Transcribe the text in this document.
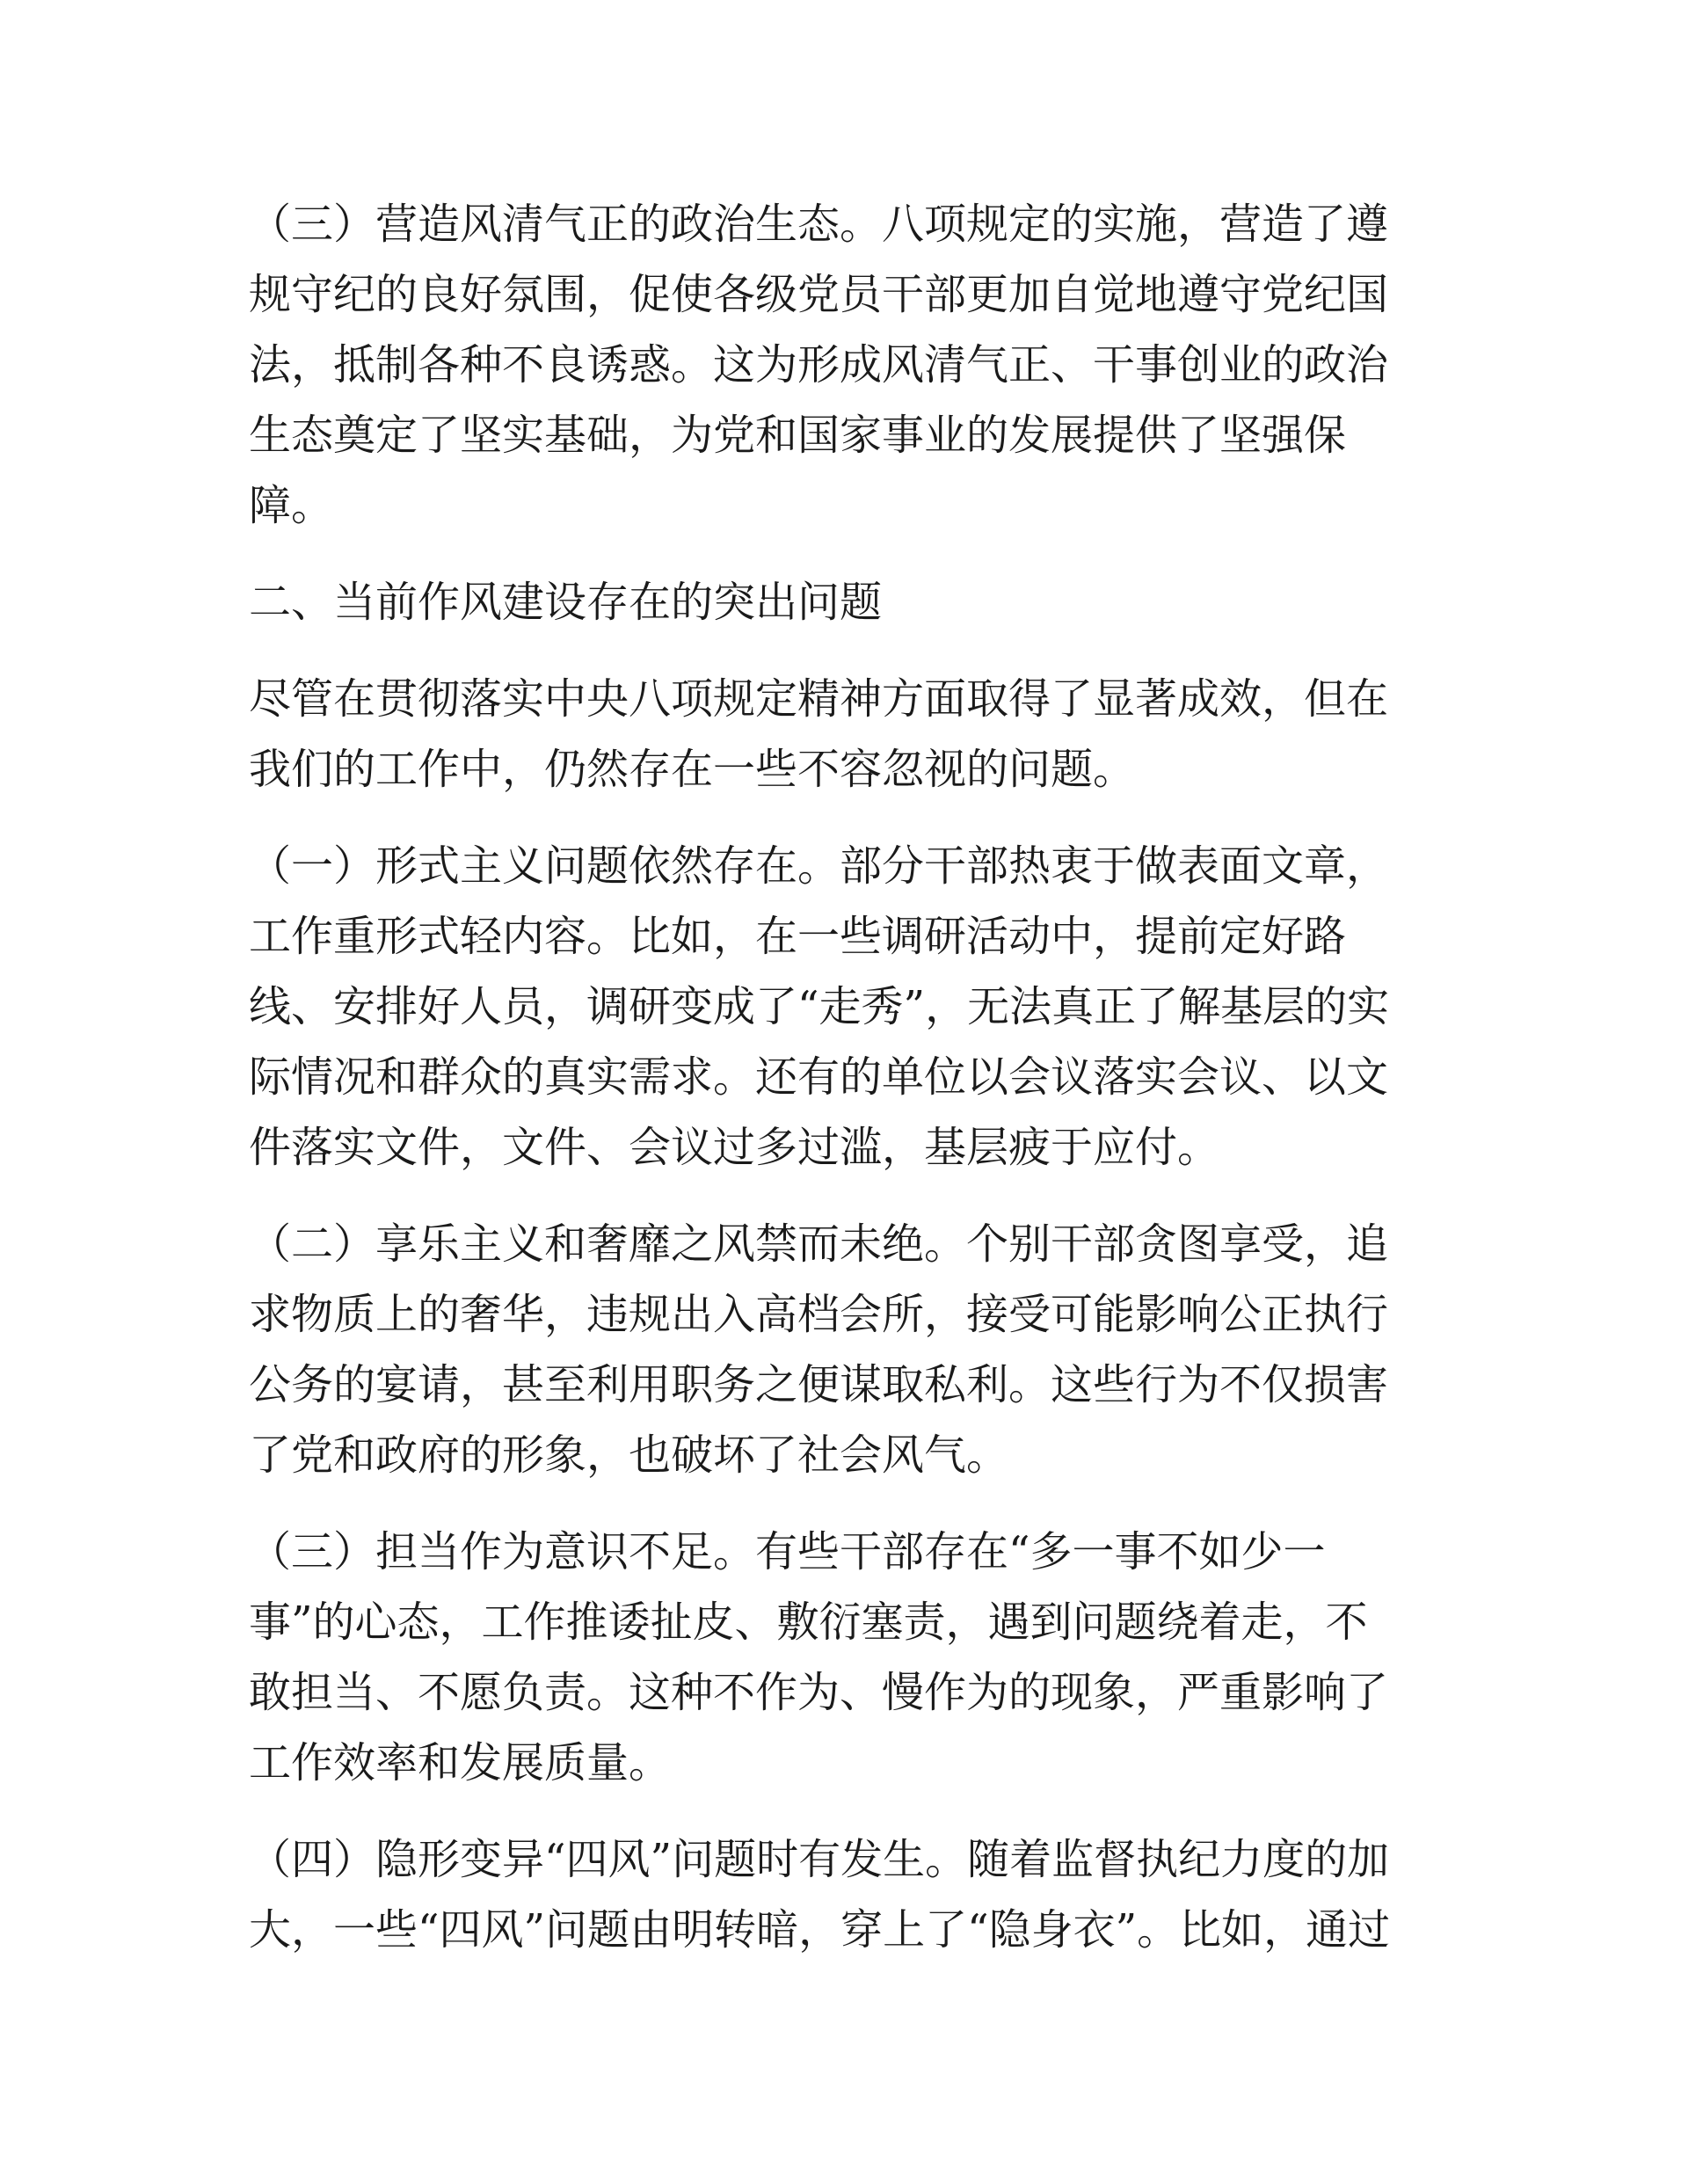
（三）营造风清气正的政治生态。八项规定的实施，营造了遵
规守纪的良好氛围，促使各级党员干部更加自觉地遵守党纪国
法，抵制各种不良诱惑。这为形成风清气正、干事创业的政治
生态奠定了坚实基础，为党和国家事业的发展提供了坚强保
障。
二、当前作风建设存在的突出问题
尽管在贯彻落实中央八项规定精神方面取得了显著成效，但在
我们的工作中，仍然存在一些不容忽视的问题。
（一）形式主义问题依然存在。部分干部热衷于做表面文章，
工作重形式轻内容。比如，在一些调研活动中，提前定好路
线、安排好人员，调研变成了“走秀”，无法真正了解基层的实
际情况和群众的真实需求。还有的单位以会议落实会议、以文
件落实文件，文件、会议过多过滥，基层疲于应付。
（二）享乐主义和奢靡之风禁而未绝。个别干部贪图享受，追
求物质上的奢华，违规出入高档会所，接受可能影响公正执行
公务的宴请，甚至利用职务之便谋取私利。这些行为不仅损害
了党和政府的形象，也破坏了社会风气。
（三）担当作为意识不足。有些干部存在“多一事不如少一
事”的心态，工作推诿扯皮、敷衍塞责，遇到问题绕着走，不
敢担当、不愿负责。这种不作为、慢作为的现象，严重影响了
工作效率和发展质量。
（四）隐形变异“四风”问题时有发生。随着监督执纪力度的加
大，一些“四风”问题由明转暗，穿上了“隐身衣”。比如，通过
